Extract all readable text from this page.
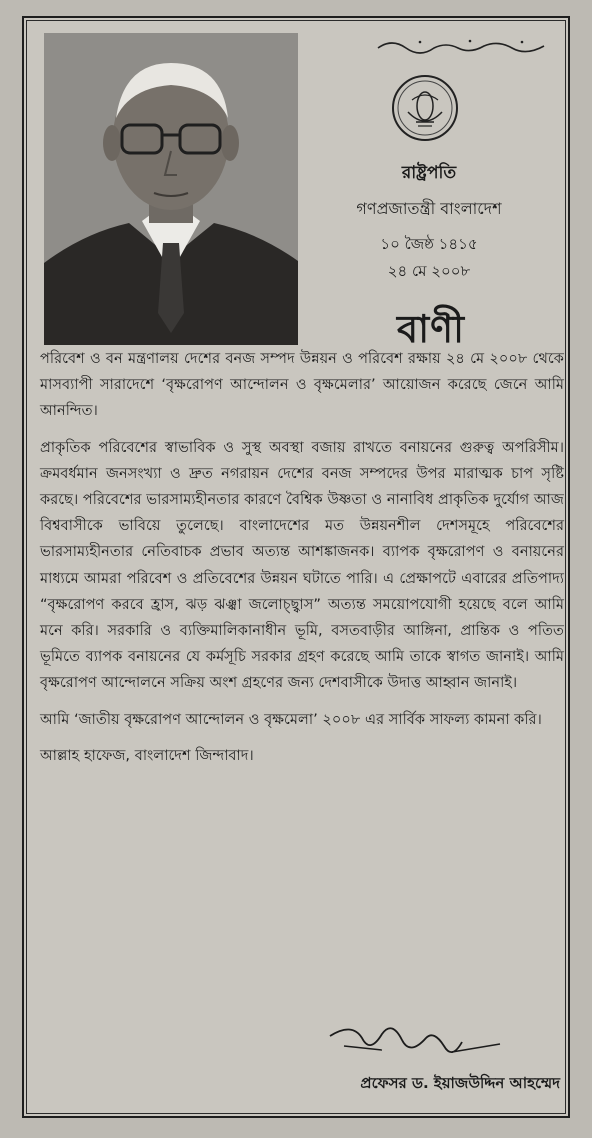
রাষ্ট্রপতি
গণপ্রজাতন্ত্রী বাংলাদেশ
১০ জৈষ্ঠ ১৪১৫
২৪ মে ২০০৮
বাণী

পরিবেশ ও বন মন্ত্রণালয় দেশের বনজ সম্পদ উন্নয়ন ও পরিবেশ রক্ষায় ২৪ মে ২০০৮ থেকে মাসব্যাপী সারাদেশে ‘বৃক্ষরোপণ আন্দোলন ও বৃক্ষমেলার’ আয়োজন করেছে জেনে আমি আনন্দিত।

প্রাকৃতিক পরিবেশের স্বাভাবিক ও সুস্থ অবস্থা বজায় রাখতে বনায়নের গুরুত্ব অপরিসীম। ক্রমবর্ধমান জনসংখ্যা ও দ্রুত নগরায়ন দেশের বনজ সম্পদের উপর মারাত্মক চাপ সৃষ্টি করছে। পরিবেশের ভারসাম্যহীনতার কারণে বৈশ্বিক উষ্ণতা ও নানাবিধ প্রাকৃতিক দুর্যোগ আজ বিশ্ববাসীকে ভাবিয়ে তুলেছে। বাংলাদেশের মত উন্নয়নশীল দেশসমূহে পরিবেশের ভারসাম্যহীনতার নেতিবাচক প্রভাব অত্যন্ত আশঙ্কাজনক। ব্যাপক বৃক্ষরোপণ ও বনায়নের মাধ্যমে আমরা পরিবেশ ও প্রতিবেশের উন্নয়ন ঘটাতে পারি। এ প্রেক্ষাপটে এবারের প্রতিপাদ্য “বৃক্ষরোপণ করবে হ্রাস, ঝড় ঝঞ্ঝা জলোচ্ছ্বাস” অত্যন্ত সময়োপযোগী হয়েছে বলে আমি মনে করি। সরকারি ও ব্যক্তিমালিকানাধীন ভূমি, বসতবাড়ীর আঙ্গিনা, প্রান্তিক ও পতিত ভূমিতে ব্যাপক বনায়নের যে কর্মসূচি সরকার গ্রহণ করেছে আমি তাকে স্বাগত জানাই। আমি বৃক্ষরোপণ আন্দোলনে সক্রিয় অংশ গ্রহণের জন্য দেশবাসীকে উদাত্ত আহ্বান জানাই।

আমি ‘জাতীয় বৃক্ষরোপণ আন্দোলন ও বৃক্ষমেলা’ ২০০৮ এর সার্বিক সাফল্য কামনা করি।

আল্লাহ হাফেজ, বাংলাদেশ জিন্দাবাদ।

প্রফেসর ড. ইয়াজউদ্দিন আহম্মেদ
